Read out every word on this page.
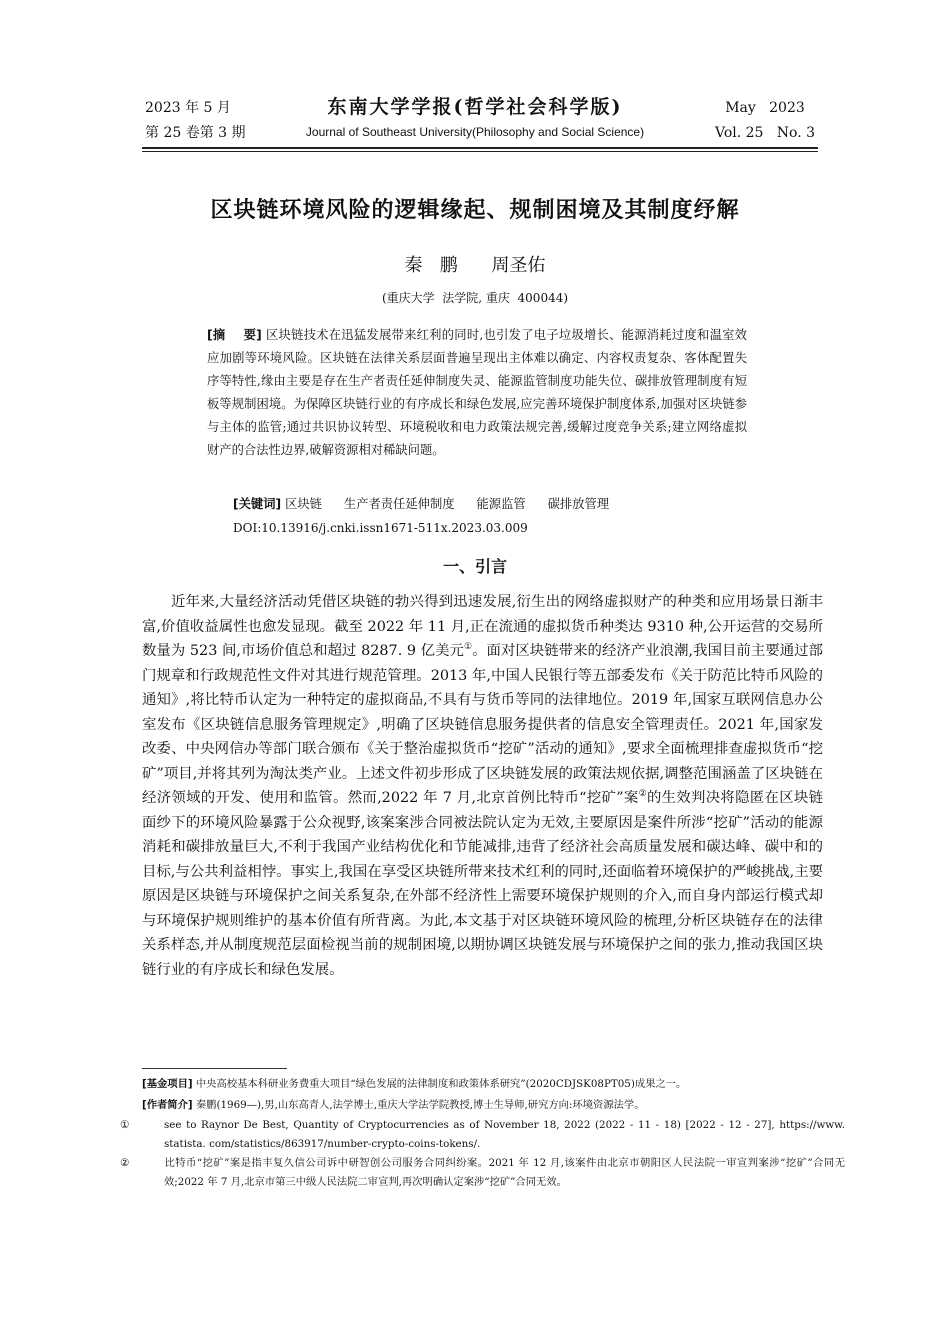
2023 年 5 月
第 25 卷第 3 期
东南大学学报(哲学社会科学版)
Journal of Southeast University(Philosophy and Social Science)
May   2023
Vol. 25   No. 3
区块链环境风险的逻辑缘起、规制困境及其制度纾解
秦   鹏 周圣佑
(重庆大学  法学院, 重庆  400044)
[摘    要] 区块链技术在迅猛发展带来红利的同时,也引发了电子垃圾增长、能源消耗过度和温室效应加剧等环境风险。区块链在法律关系层面普遍呈现出主体难以确定、内容权责复杂、客体配置失序等特性,缘由主要是存在生产者责任延伸制度失灵、能源监管制度功能失位、碳排放管理制度有短板等规制困境。为保障区块链行业的有序成长和绿色发展,应完善环境保护制度体系,加强对区块链参与主体的监管;通过共识协议转型、环境税收和电力政策法规完善,缓解过度竞争关系;建立网络虚拟财产的合法性边界,破解资源相对稀缺问题。
[关键词] 区块链 生产者责任延伸制度 能源监管 碳排放管理
DOI:10.13916/j.cnki.issn1671-511x.2023.03.009
一、引言
近年来,大量经济活动凭借区块链的勃兴得到迅速发展,衍生出的网络虚拟财产的种类和应用场景日渐丰富,价值收益属性也愈发显现。截至 2022 年 11 月,正在流通的虚拟货币种类达 9310 种,公开运营的交易所数量为 523 间,市场价值总和超过 8287. 9 亿美元①。面对区块链带来的经济产业浪潮,我国目前主要通过部门规章和行政规范性文件对其进行规范管理。2013 年,中国人民银行等五部委发布《关于防范比特币风险的通知》,将比特币认定为一种特定的虚拟商品,不具有与货币等同的法律地位。2019 年,国家互联网信息办公室发布《区块链信息服务管理规定》,明确了区块链信息服务提供者的信息安全管理责任。2021 年,国家发改委、中央网信办等部门联合颁布《关于整治虚拟货币“挖矿”活动的通知》,要求全面梳理排查虚拟货币“挖矿”项目,并将其列为淘汰类产业。上述文件初步形成了区块链发展的政策法规依据,调整范围涵盖了区块链在经济领域的开发、使用和监管。然而,2022 年 7 月,北京首例比特币“挖矿”案②的生效判决将隐匿在区块链面纱下的环境风险暴露于公众视野,该案案涉合同被法院认定为无效,主要原因是案件所涉“挖矿”活动的能源消耗和碳排放量巨大,不利于我国产业结构优化和节能减排,违背了经济社会高质量发展和碳达峰、碳中和的目标,与公共利益相悖。事实上,我国在享受区块链所带来技术红利的同时,还面临着环境保护的严峻挑战,主要原因是区块链与环境保护之间关系复杂,在外部不经济性上需要环境保护规则的介入,而自身内部运行模式却与环境保护规则维护的基本价值有所背离。为此,本文基于对区块链环境风险的梳理,分析区块链存在的法律关系样态,并从制度规范层面检视当前的规制困境,以期协调区块链发展与环境保护之间的张力,推动我国区块链行业的有序成长和绿色发展。
[基金项目] 中央高校基本科研业务费重大项目“绿色发展的法律制度和政策体系研究”(2020CDJSK08PT05)成果之一。
[作者简介] 秦鹏(1969—),男,山东高青人,法学博士,重庆大学法学院教授,博士生导师,研究方向:环境资源法学。
①	see to Raynor De Best, Quantity of Cryptocurrencies as of November 18, 2022 (2022 - 11 - 18) [2022 - 12 - 27], https://www. statista. com/statistics/863917/number-crypto-coins-tokens/.
②	比特币“挖矿”案是指丰复久信公司诉中研智创公司服务合同纠纷案。2021 年 12 月,该案件由北京市朝阳区人民法院一审宣判案涉“挖矿”合同无效;2022 年 7 月,北京市第三中级人民法院二审宣判,再次明确认定案涉“挖矿”合同无效。
